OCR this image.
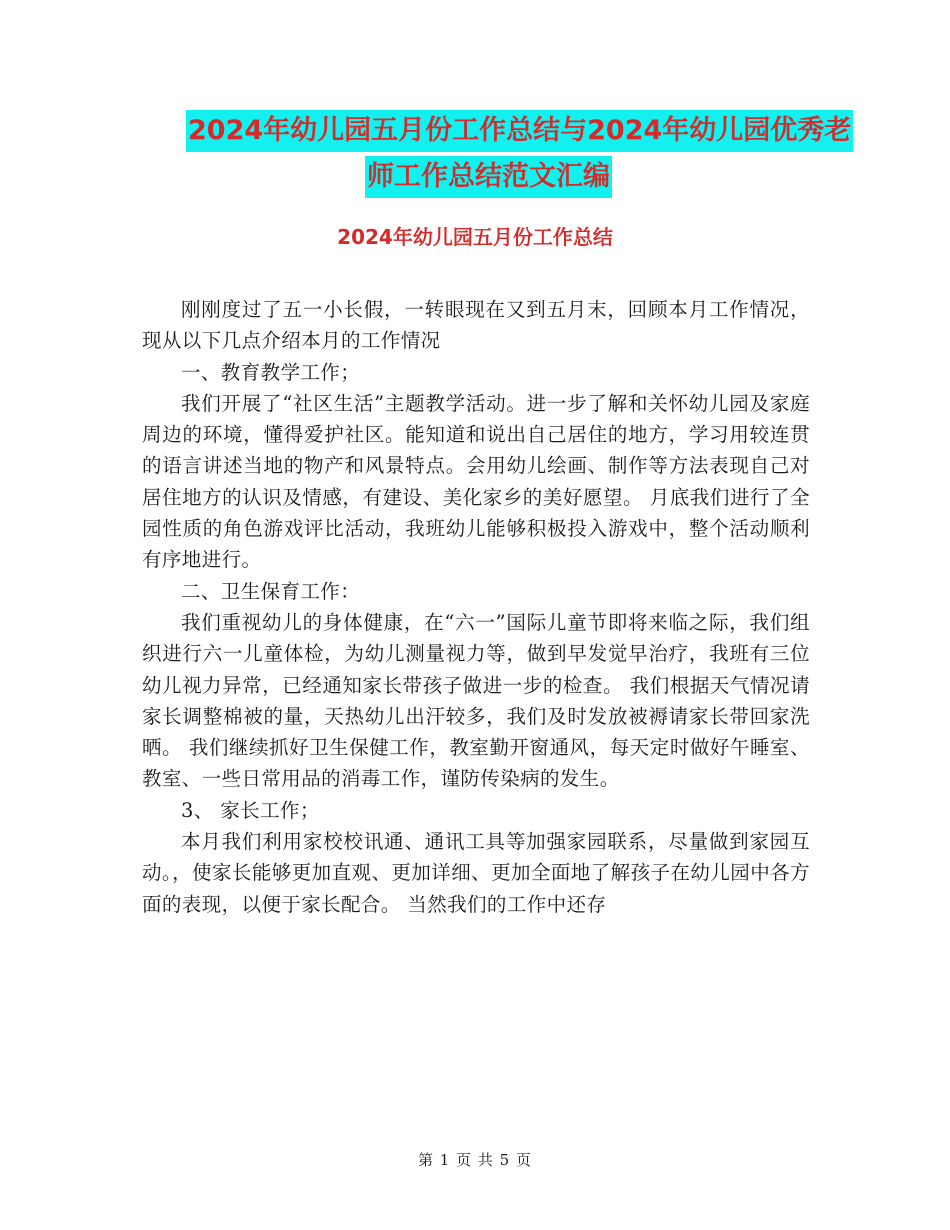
2024年幼儿园五月份工作总结与2024年幼儿园优秀老
师工作总结范文汇编
2024年幼儿园五月份工作总结

刚刚度过了五一小长假，一转眼现在又到五月末，回顾本月工作情况，现从以下几点介绍本月的工作情况

一、教育教学工作；

我们开展了“社区生活”主题教学活动。进一步了解和关怀幼儿园及家庭周边的环境，懂得爱护社区。能知道和说出自己居住的地方，学习用较连贯的语言讲述当地的物产和风景特点。会用幼儿绘画、制作等方法表现自己对居住地方的认识及情感，有建设、美化家乡的美好愿望。 月底我们进行了全园性质的角色游戏评比活动，我班幼儿能够积极投入游戏中，整个活动顺利有序地进行。

二、卫生保育工作：

我们重视幼儿的身体健康，在“六一”国际儿童节即将来临之际，我们组织进行六一儿童体检，为幼儿测量视力等，做到早发觉早治疗，我班有三位幼儿视力异常，已经通知家长带孩子做进一步的检查。 我们根据天气情况请家长调整棉被的量，天热幼儿出汗较多，我们及时发放被褥请家长带回家洗晒。 我们继续抓好卫生保健工作，教室勤开窗通风，每天定时做好午睡室、教室、一些日常用品的消毒工作，谨防传染病的发生。

3、 家长工作；

本月我们利用家校校讯通、通讯工具等加强家园联系，尽量做到家园互动。，使家长能够更加直观、更加详细、更加全面地了解孩子在幼儿园中各方面的表现，以便于家长配合。 当然我们的工作中还存

第 1 页 共 5 页
